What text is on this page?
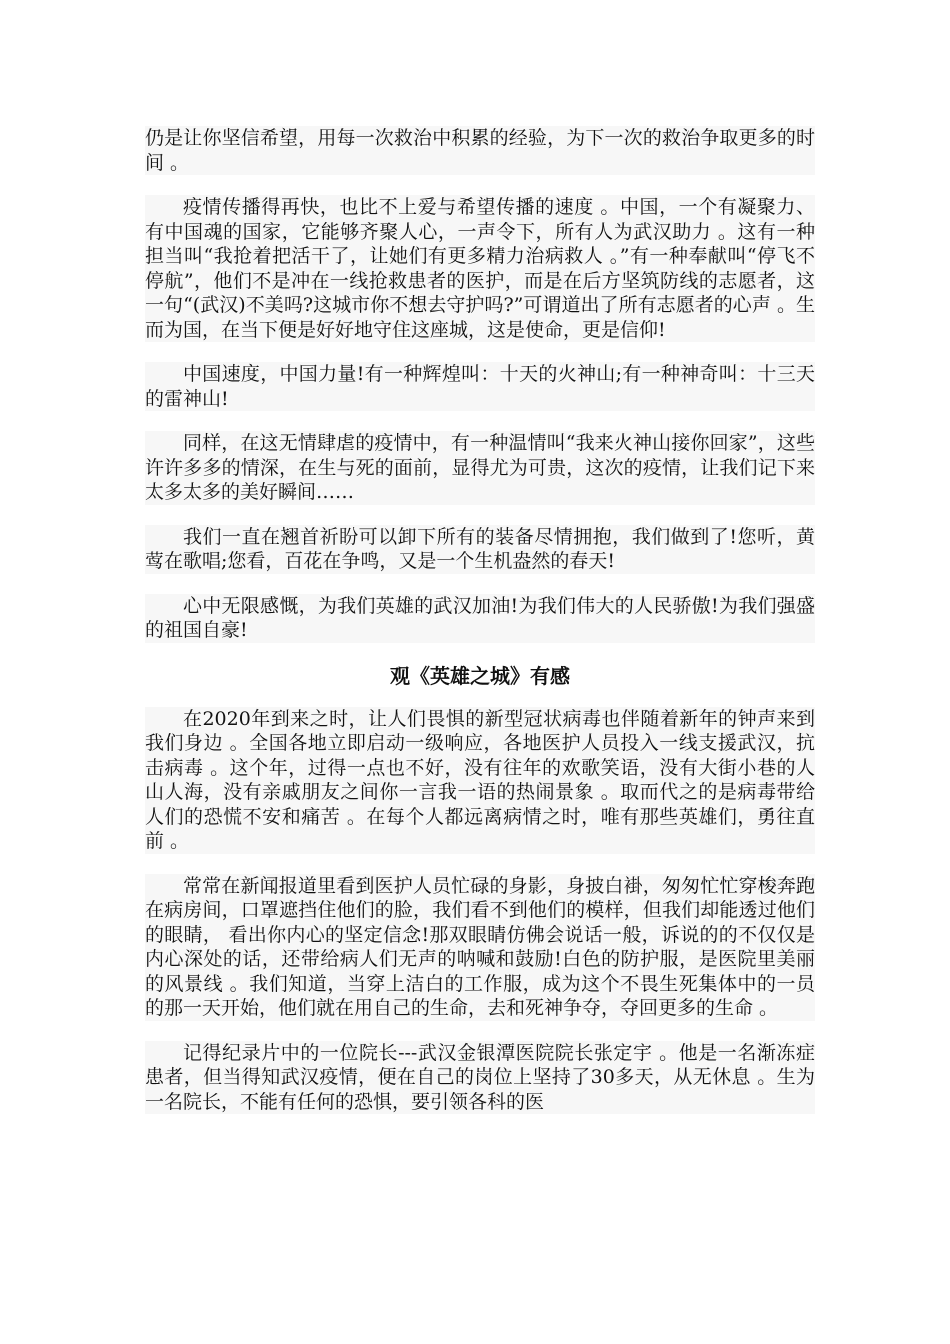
仍是让你坚信希望，用每一次救治中积累的经验，为下一次的救治争取更多的时间 。

疫情传播得再快，也比不上爱与希望传播的速度 。中国，一个有凝聚力、有中国魂的国家，它能够齐聚人心，一声令下，所有人为武汉助力 。这有一种担当叫“我抢着把活干了，让她们有更多精力治病救人 。”有一种奉献叫“停飞不停航”，他们不是冲在一线抢救患者的医护，而是在后方坚筑防线的志愿者，这一句“(武汉)不美吗?这城市你不想去守护吗?”可谓道出了所有志愿者的心声 。生而为国，在当下便是好好地守住这座城，这是使命，更是信仰!

中国速度，中国力量!有一种辉煌叫：十天的火神山;有一种神奇叫：十三天的雷神山!

同样，在这无情肆虐的疫情中，有一种温情叫“我来火神山接你回家”，这些许许多多的情深，在生与死的面前，显得尤为可贵，这次的疫情，让我们记下来太多太多的美好瞬间……

我们一直在翘首祈盼可以卸下所有的装备尽情拥抱，我们做到了!您听，黄莺在歌唱;您看，百花在争鸣，又是一个生机盎然的春天!

心中无限感慨，为我们英雄的武汉加油!为我们伟大的人民骄傲!为我们强盛的祖国自豪!

观《英雄之城》有感

在2020年到来之时，让人们畏惧的新型冠状病毒也伴随着新年的钟声来到我们身边 。全国各地立即启动一级响应，各地医护人员投入一线支援武汉，抗击病毒 。这个年，过得一点也不好，没有往年的欢歌笑语，没有大街小巷的人山人海，没有亲戚朋友之间你一言我一语的热闹景象 。取而代之的是病毒带给人们的恐慌不安和痛苦 。在每个人都远离病情之时，唯有那些英雄们，勇往直前 。

常常在新闻报道里看到医护人员忙碌的身影，身披白褂，匆匆忙忙穿梭奔跑在病房间，口罩遮挡住他们的脸，我们看不到他们的模样，但我们却能透过他们的眼睛， 看出你内心的坚定信念!那双眼睛仿佛会说话一般，诉说的的不仅仅是内心深处的话，还带给病人们无声的呐喊和鼓励!白色的防护服，是医院里美丽的风景线 。我们知道，当穿上洁白的工作服，成为这个不畏生死集体中的一员的那一天开始，他们就在用自己的生命，去和死神争夺，夺回更多的生命 。

记得纪录片中的一位院长---武汉金银潭医院院长张定宇 。他是一名渐冻症患者，但当得知武汉疫情，便在自己的岗位上坚持了30多天，从无休息 。生为一名院长，不能有任何的恐惧，要引领各科的医
